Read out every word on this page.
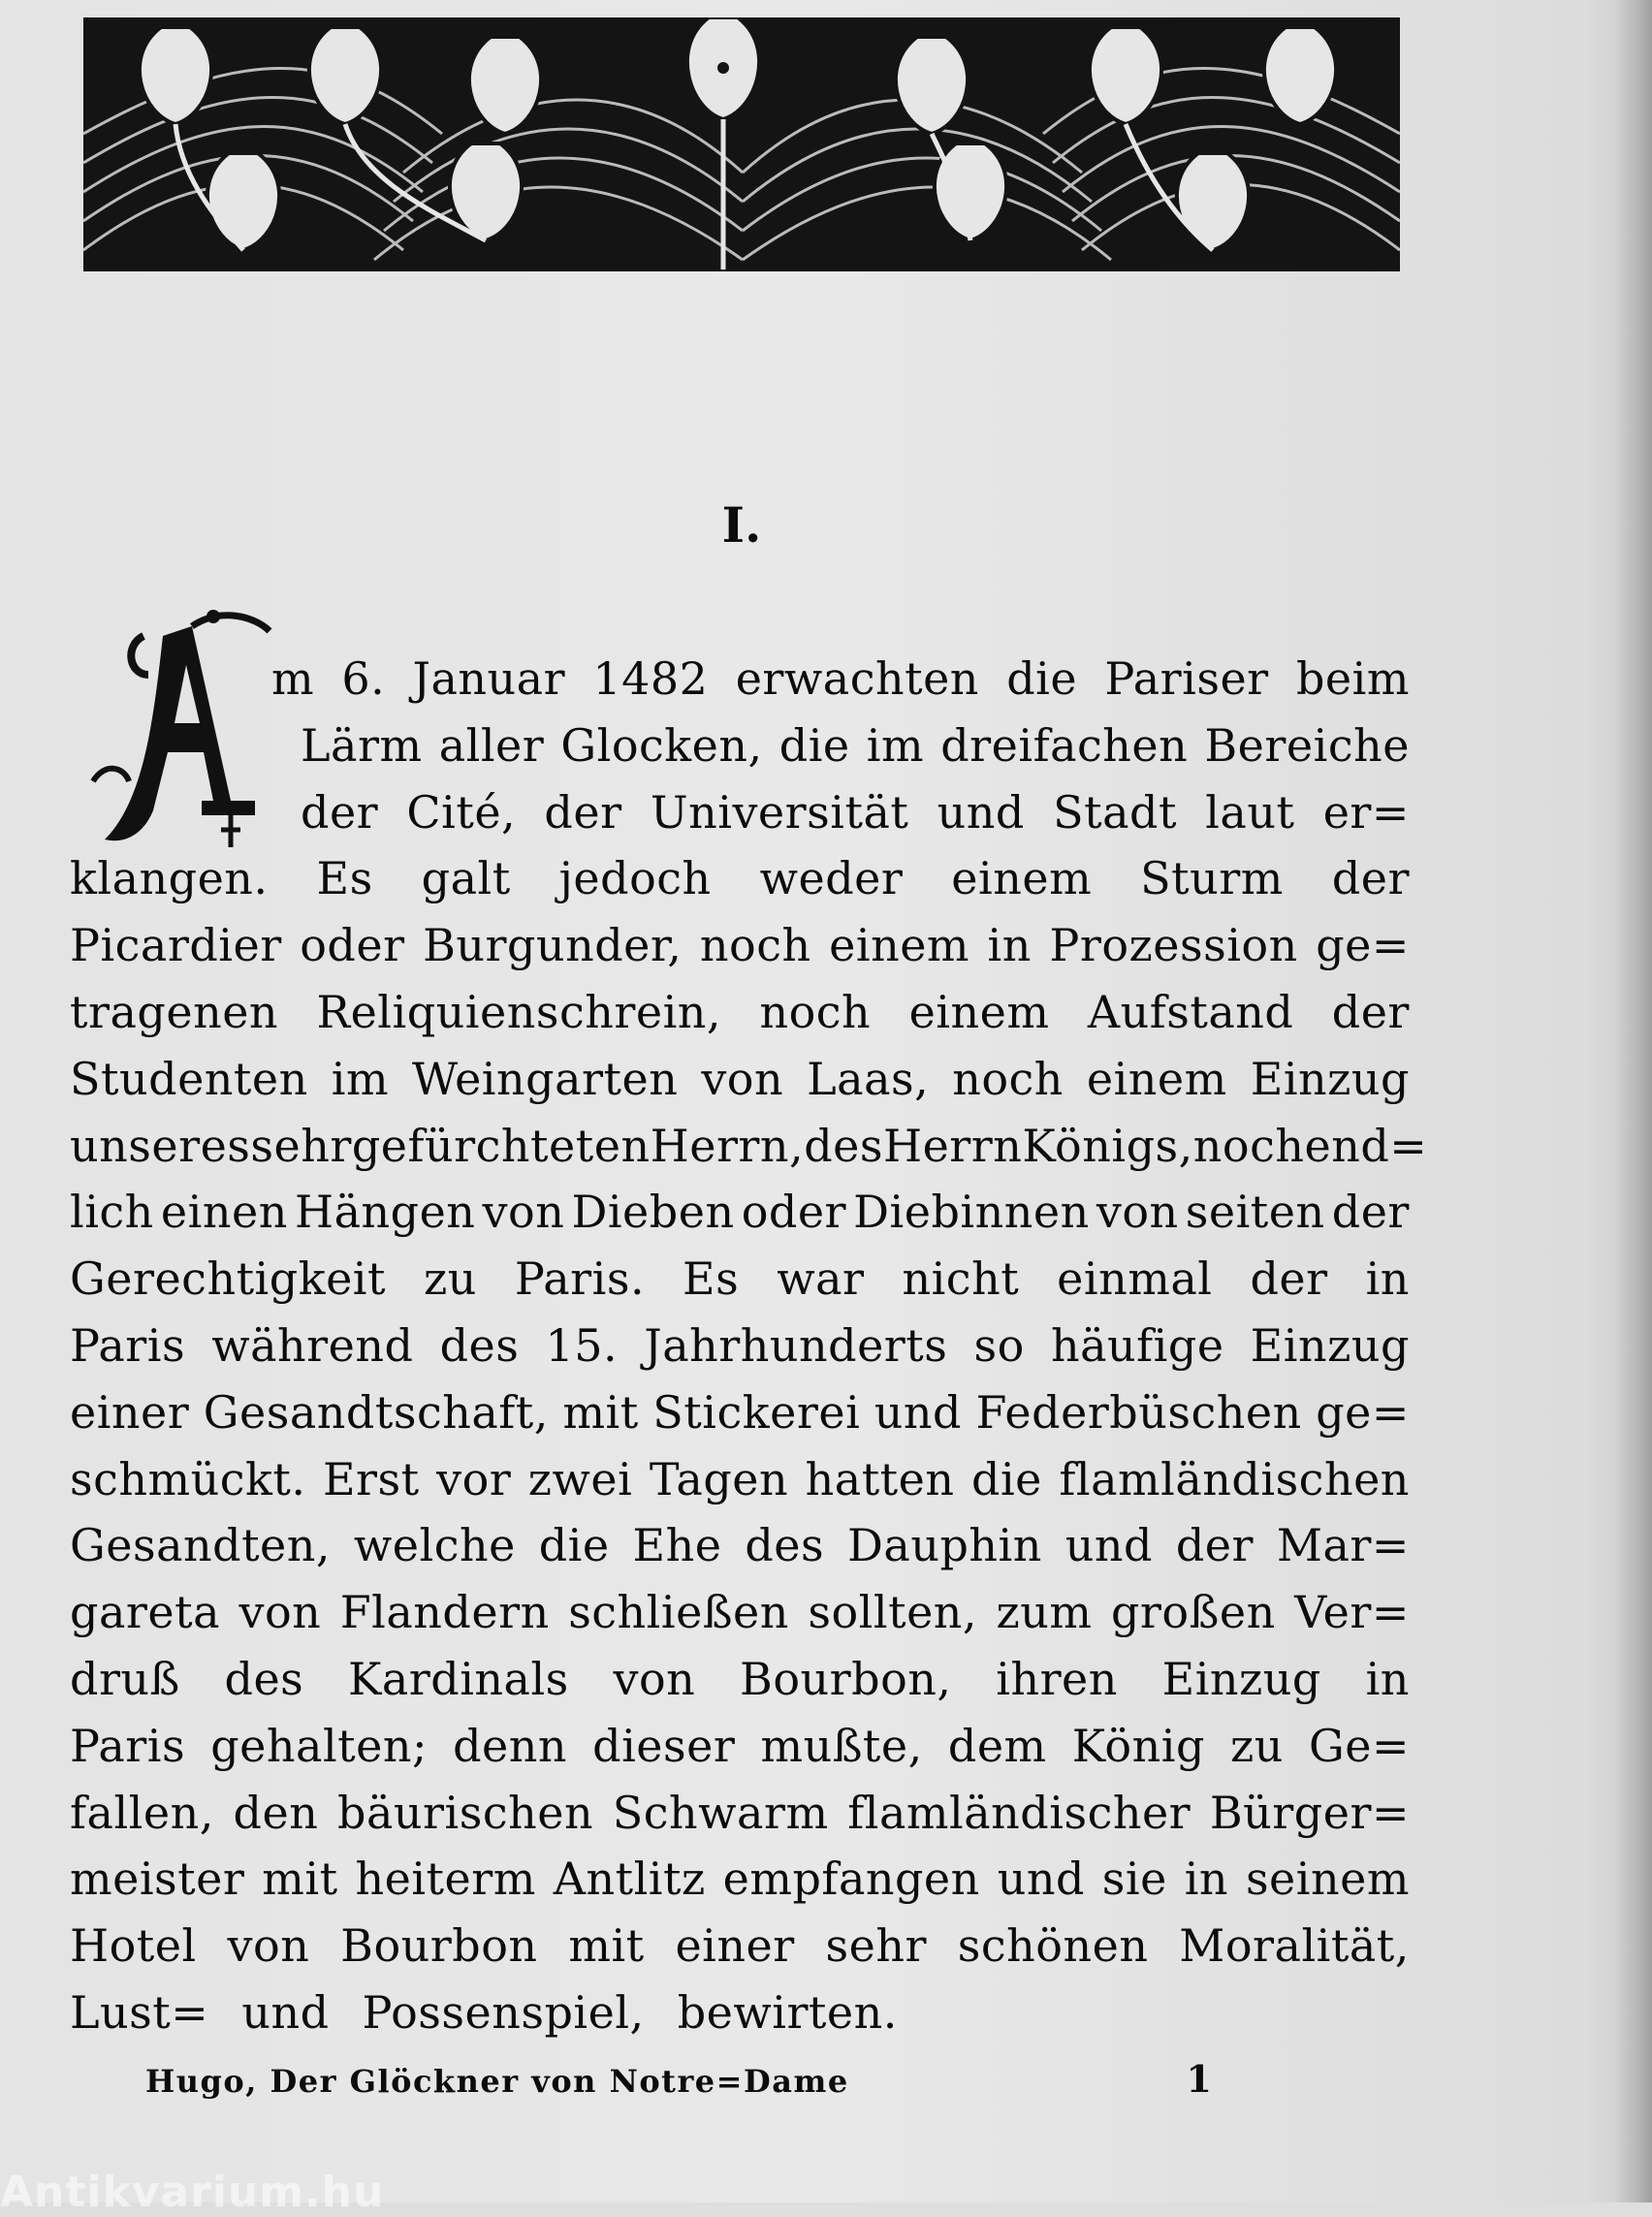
I.
m 6. Januar 1482 erwachten die Pariser beim
Lärm aller Glocken, die im dreifachen Bereiche
der Cité, der Universität und Stadt laut er=
klangen. Es galt jedoch weder einem Sturm der
Picardier oder Burgunder, noch einem in Prozession ge=
tragenen Reliquienschrein, noch einem Aufstand der
Studenten im Weingarten von Laas, noch einem Einzug
unseres sehr gefürchteten Herrn, des Herrn Königs, noch end=
lich einen Hängen von Dieben oder Diebinnen von seiten der
Gerechtigkeit zu Paris. Es war nicht einmal der in
Paris während des 15. Jahrhunderts so häufige Einzug
einer Gesandtschaft, mit Stickerei und Federbüschen ge=
schmückt. Erst vor zwei Tagen hatten die flamländischen
Gesandten, welche die Ehe des Dauphin und der Mar=
gareta von Flandern schließen sollten, zum großen Ver=
druß des Kardinals von Bourbon, ihren Einzug in
Paris gehalten; denn dieser mußte, dem König zu Ge=
fallen, den bäurischen Schwarm flamländischer Bürger=
meister mit heiterm Antlitz empfangen und sie in seinem
Hotel von Bourbon mit einer sehr schönen Moralität,
Lust= und Possenspiel, bewirten.
Hugo, Der Glöckner von Notre=Dame	1
Antikvarium.hu
